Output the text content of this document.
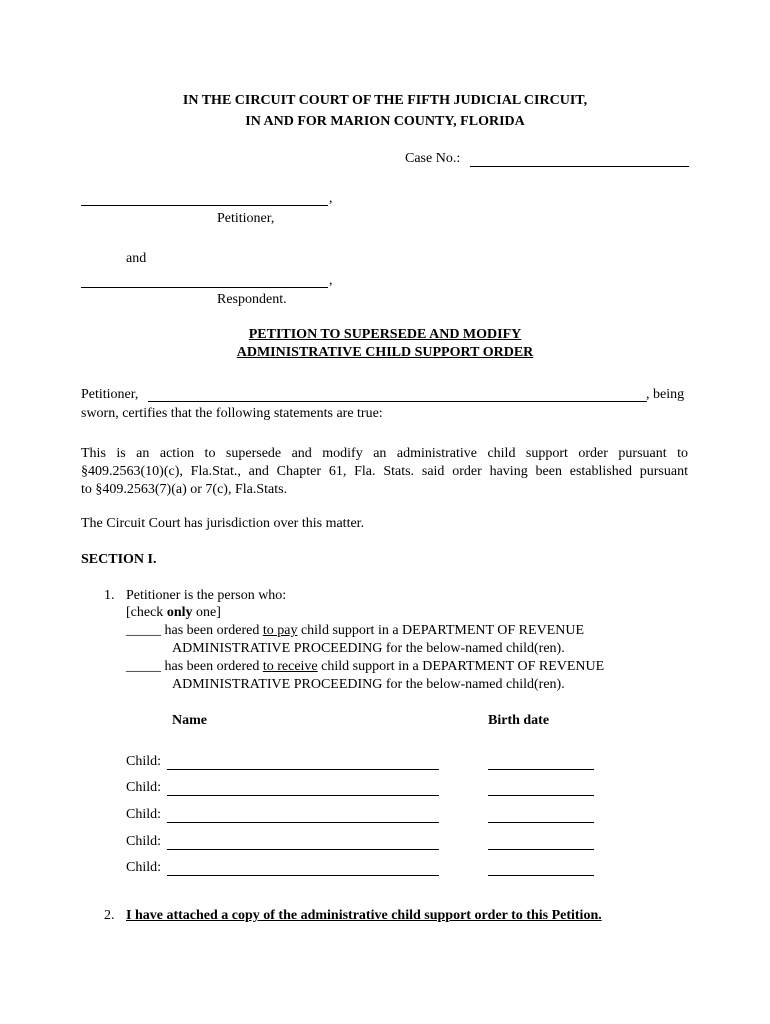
IN THE CIRCUIT COURT OF THE FIFTH JUDICIAL CIRCUIT,
IN AND FOR MARION COUNTY, FLORIDA
Case No.:
,
Petitioner,
and
,
Respondent.
PETITION TO SUPERSEDE AND MODIFY
ADMINISTRATIVE CHILD SUPPORT ORDER
Petitioner,	, being
sworn, certifies that the following statements are true:
This is an action to supersede and modify an administrative child support order pursuant to
§409.2563(10)(c), Fla.Stat., and Chapter 61, Fla. Stats. said order having been established pursuant
to §409.2563(7)(a) or 7(c), Fla.Stats.
The Circuit Court has jurisdiction over this matter.
SECTION I.
1. Petitioner is the person who:
[check only one]
_____ has been ordered to pay child support in a DEPARTMENT OF REVENUE
ADMINISTRATIVE PROCEEDING for the below-named child(ren).
_____ has been ordered to receive child support in a DEPARTMENT OF REVENUE
ADMINISTRATIVE PROCEEDING for the below-named child(ren).
Name	Birth date
Child:
Child:
Child:
Child:
Child:
2. I have attached a copy of the administrative child support order to this Petition.
